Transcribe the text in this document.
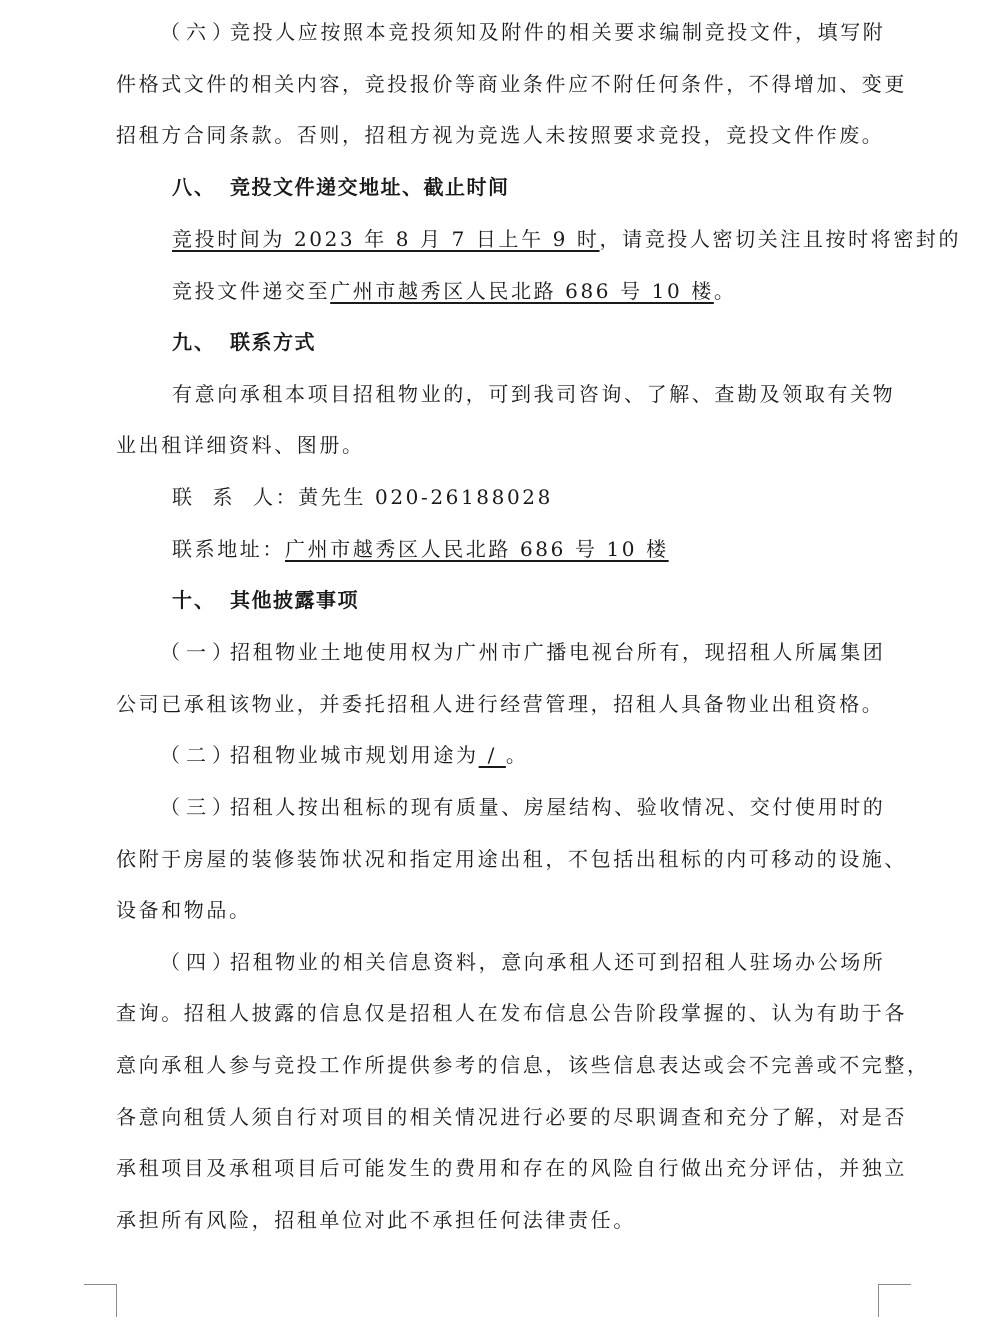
（六）竞投人应按照本竞投须知及附件的相关要求编制竞投文件，填写附
件格式文件的相关内容，竞投报价等商业条件应不附任何条件，不得增加、变更
招租方合同条款。否则，招租方视为竞选人未按照要求竞投，竞投文件作废。
八、 竞投文件递交地址、截止时间
竞投时间为 2023 年 8 月 7 日上午 9 时，请竞投人密切关注且按时将密封的
竞投文件递交至广州市越秀区人民北路 686 号 10 楼。
九、 联系方式
有意向承租本项目招租物业的，可到我司咨询、了解、查勘及领取有关物
业出租详细资料、图册。
联  系  人：黄先生 020-26188028
联系地址：广州市越秀区人民北路 686 号 10 楼
十、 其他披露事项
（一）招租物业土地使用权为广州市广播电视台所有，现招租人所属集团
公司已承租该物业，并委托招租人进行经营管理，招租人具备物业出租资格。
（二）招租物业城市规划用途为 / 。
（三）招租人按出租标的现有质量、房屋结构、验收情况、交付使用时的
依附于房屋的装修装饰状况和指定用途出租，不包括出租标的内可移动的设施、
设备和物品。
（四）招租物业的相关信息资料，意向承租人还可到招租人驻场办公场所
查询。招租人披露的信息仅是招租人在发布信息公告阶段掌握的、认为有助于各
意向承租人参与竞投工作所提供参考的信息，该些信息表达或会不完善或不完整，
各意向租赁人须自行对项目的相关情况进行必要的尽职调查和充分了解，对是否
承租项目及承租项目后可能发生的费用和存在的风险自行做出充分评估，并独立
承担所有风险，招租单位对此不承担任何法律责任。
